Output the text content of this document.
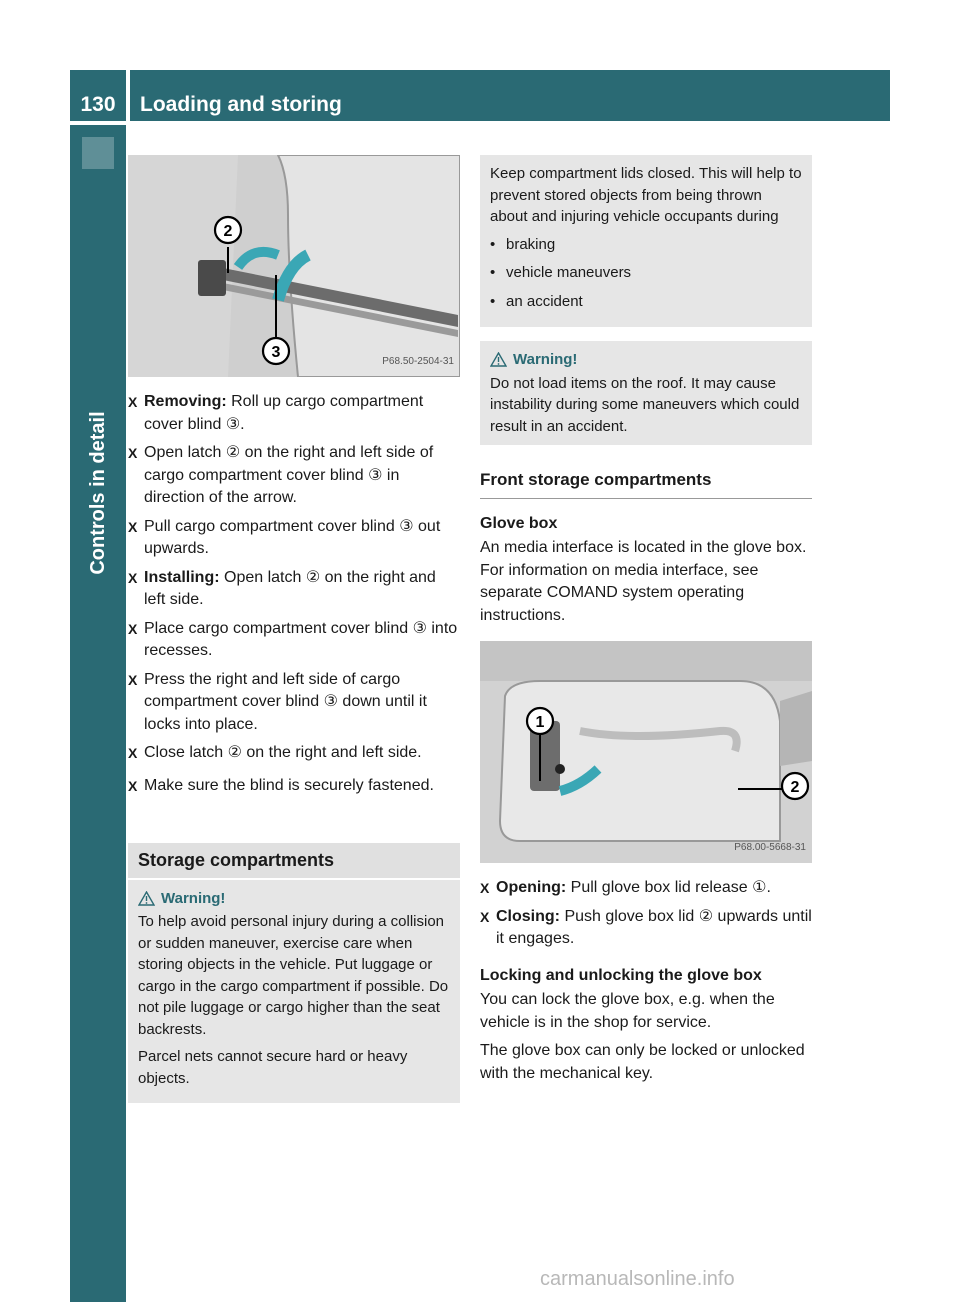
130	Loading and storing
Controls in detail
2
3	P68.50-2504-31
X Removing: Roll up cargo compartment cover blind ③.
X Open latch ② on the right and left side of cargo compartment cover blind ③ in direction of the arrow.
X Pull cargo compartment cover blind ③ out upwards.
X Installing: Open latch ② on the right and left side.
X Place cargo compartment cover blind ③ into recesses.
X Press the right and left side of cargo compartment cover blind ③ down until it locks into place.
X Close latch ② on the right and left side.
X Make sure the blind is securely fastened.
Storage compartments
Warning!

To help avoid personal injury during a collision or sudden maneuver, exercise care when storing objects in the vehicle. Put luggage or cargo in the cargo compartment if possible. Do not pile luggage or cargo higher than the seat backrests.

Parcel nets cannot secure hard or heavy objects.

Keep compartment lids closed. This will help to prevent stored objects from being thrown about and injuring vehicle occupants during

• braking
• vehicle maneuvers
• an accident
Warning!

Do not load items on the roof. It may cause instability during some maneuvers which could result in an accident.

Front storage compartments
Glove box

An media interface is located in the glove box. For information on media interface, see separate COMAND system operating instructions.

1
2
P68.00-5668-31
X Opening: Pull glove box lid release ①.
X Closing: Push glove box lid ② upwards until it engages.
Locking and unlocking the glove box

You can lock the glove box, e.g. when the vehicle is in the shop for service.

The glove box can only be locked or unlocked with the mechanical key.

carmanualsonline.info
